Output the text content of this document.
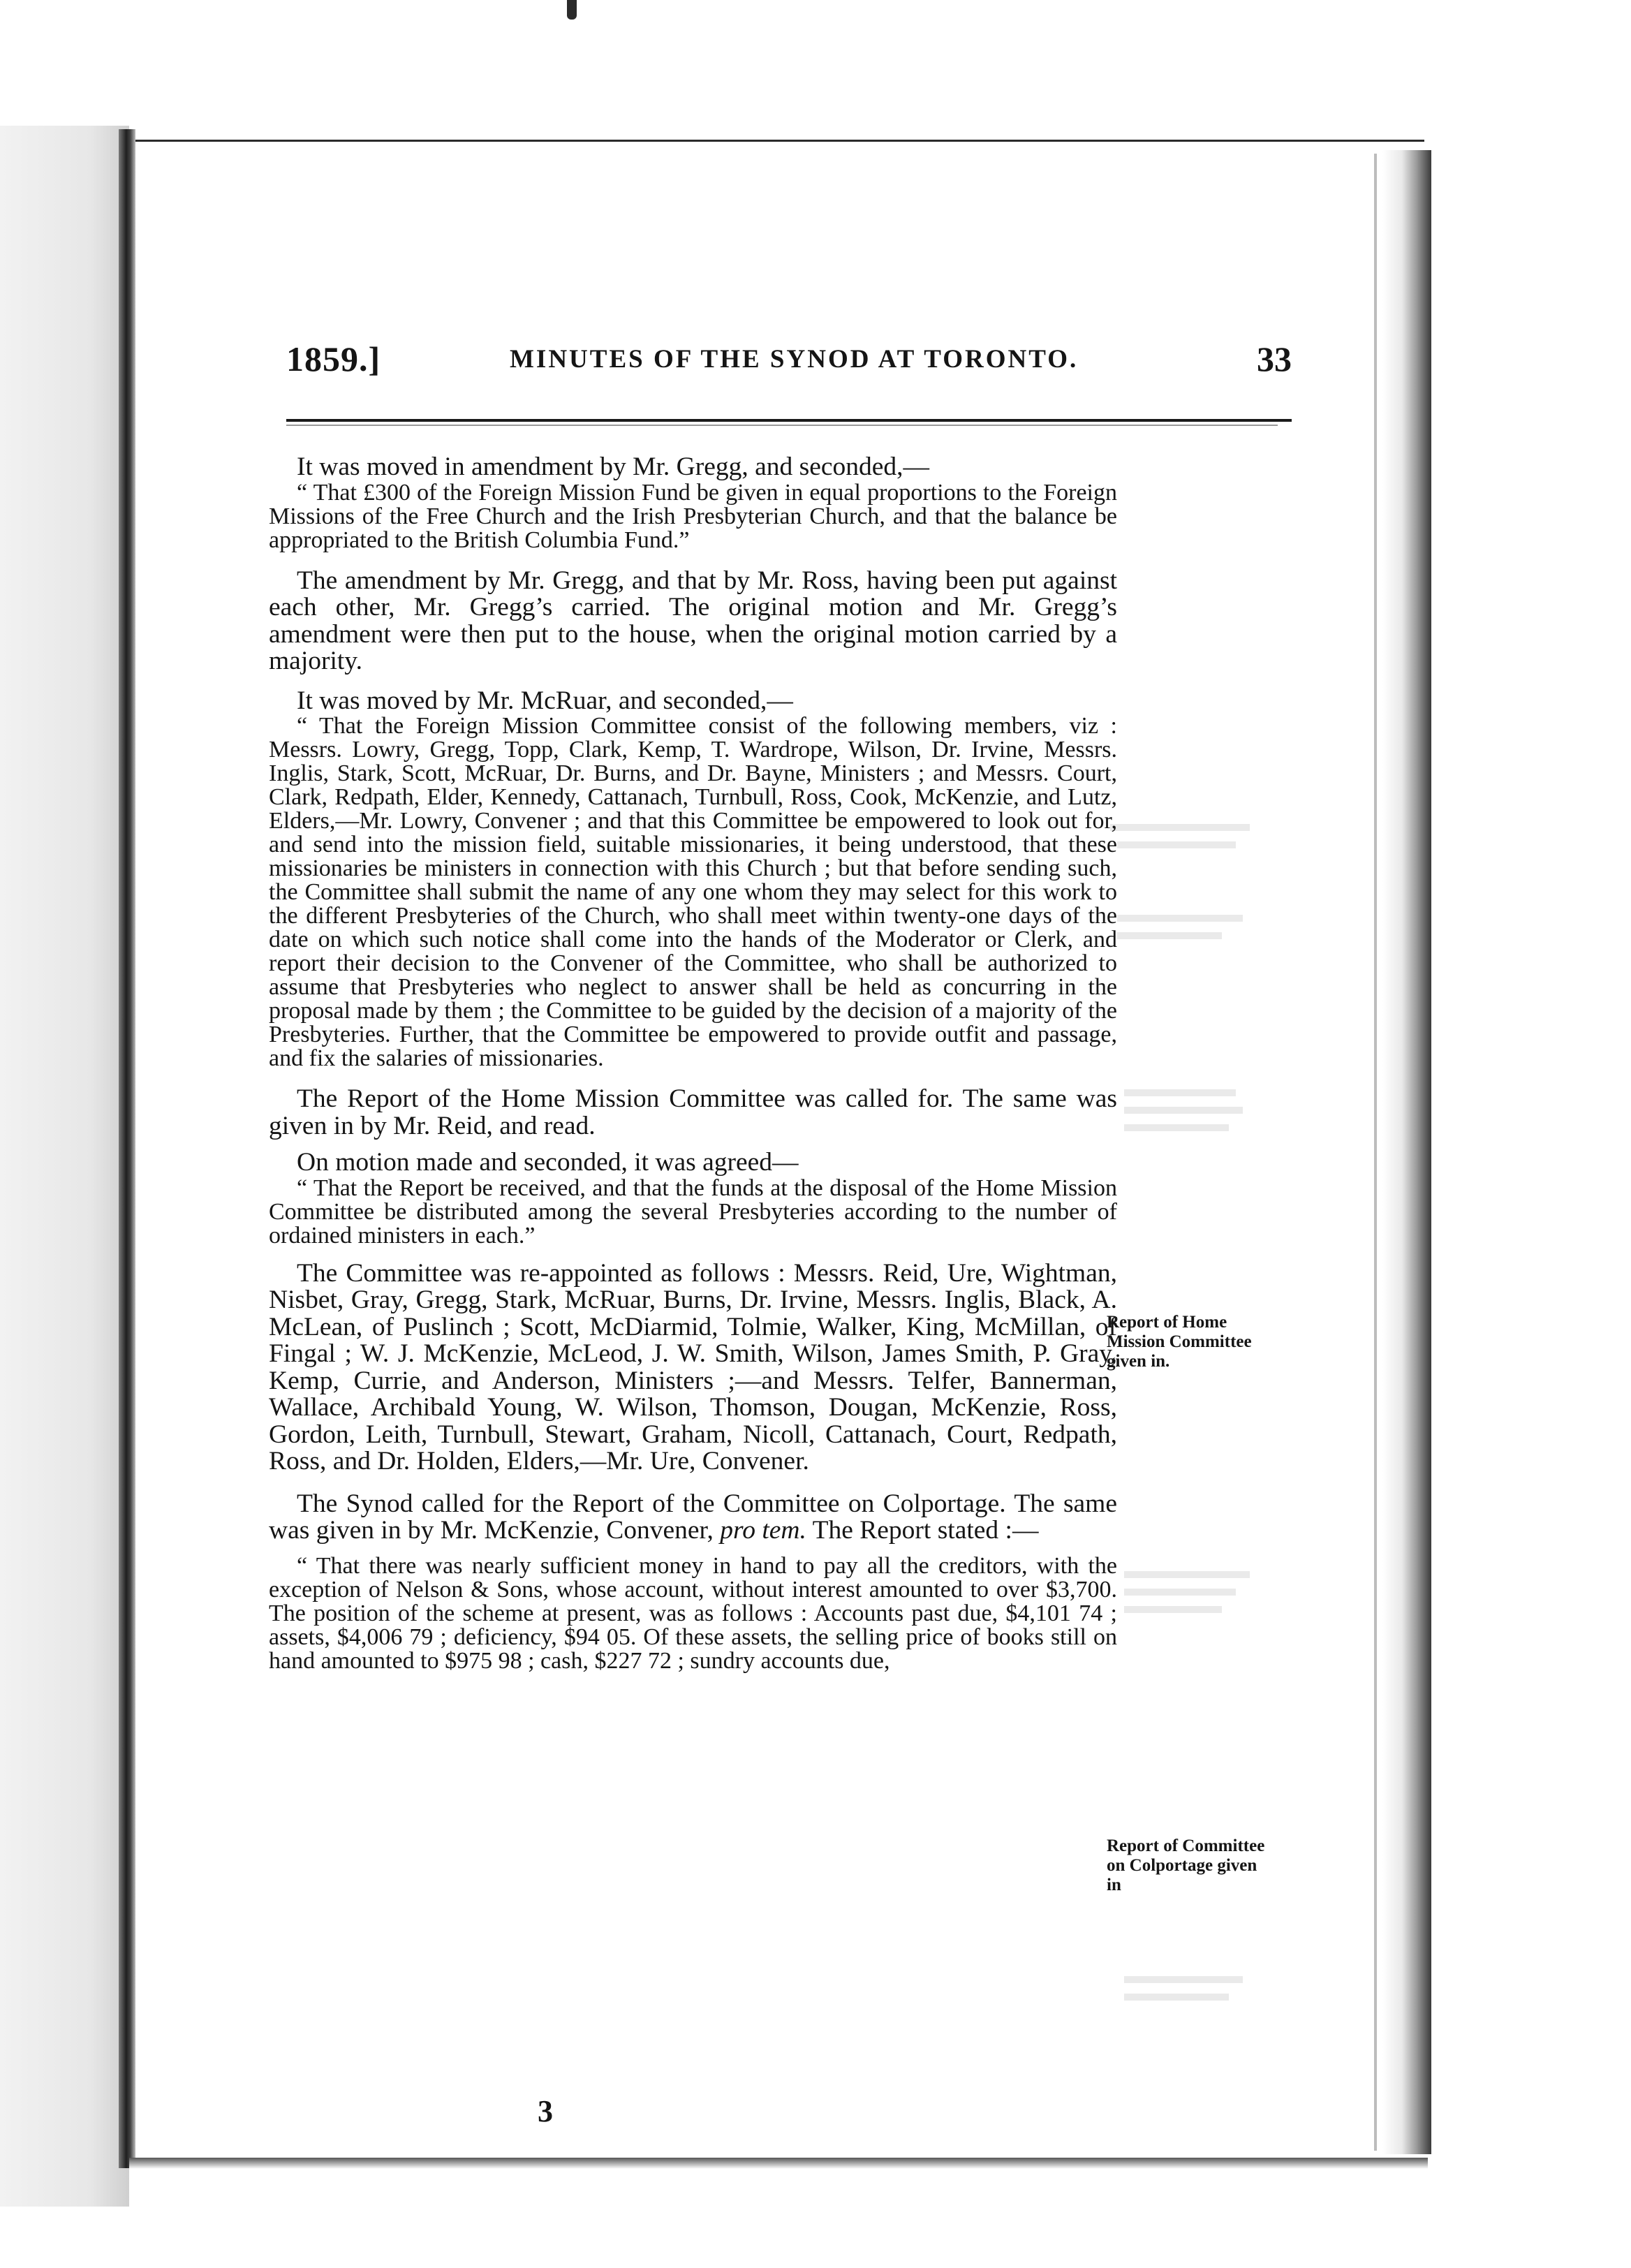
1859.]	MINUTES OF THE SYNOD AT TORONTO.	33

It was moved in amendment by Mr. Gregg, and seconded,—

“ That £300 of the Foreign Mission Fund be given in equal proportions to the Foreign Missions of the Free Church and the Irish Presbyterian Church, and that the balance be appropriated to the British Columbia Fund.”

The amendment by Mr. Gregg, and that by Mr. Ross, having been put against each other, Mr. Gregg’s carried. The original motion and Mr. Gregg’s amendment were then put to the house, when the original motion carried by a majority.

It was moved by Mr. McRuar, and seconded,—

“ That the Foreign Mission Committee consist of the following members, viz : Messrs. Lowry, Gregg, Topp, Clark, Kemp, T. Wardrope, Wilson, Dr. Irvine, Messrs. Inglis, Stark, Scott, McRuar, Dr. Burns, and Dr. Bayne, Ministers ; and Messrs. Court, Clark, Redpath, Elder, Kennedy, Cattanach, Turnbull, Ross, Cook, McKenzie, and Lutz, Elders,—Mr. Lowry, Convener ; and that this Committee be empowered to look out for, and send into the mission field, suitable missionaries, it being understood, that these missionaries be ministers in connection with this Church ; but that before sending such, the Committee shall submit the name of any one whom they may select for this work to the different Presbyteries of the Church, who shall meet within twenty-one days of the date on which such notice shall come into the hands of the Moderator or Clerk, and report their decision to the Convener of the Committee, who shall be authorized to assume that Presbyteries who neglect to answer shall be held as concurring in the proposal made by them ; the Committee to be guided by the decision of a majority of the Presbyteries. Further, that the Committee be empowered to provide outfit and passage, and fix the salaries of missionaries.

The Report of the Home Mission Committee was called for. The same was given in by Mr. Reid, and read.

On motion made and seconded, it was agreed—

“ That the Report be received, and that the funds at the disposal of the Home Mission Committee be distributed among the several Presbyteries according to the number of ordained ministers in each.”

The Committee was re-appointed as follows : Messrs. Reid, Ure, Wightman, Nisbet, Gray, Gregg, Stark, McRuar, Burns, Dr. Irvine, Messrs. Inglis, Black, A. McLean, of Puslinch ; Scott, McDiarmid, Tolmie, Walker, King, McMillan, of Fingal ; W. J. McKenzie, McLeod, J. W. Smith, Wilson, James Smith, P. Gray, Kemp, Currie, and Anderson, Ministers ;—and Messrs. Telfer, Bannerman, Wallace, Archibald Young, W. Wilson, Thomson, Dougan, McKenzie, Ross, Gordon, Leith, Turnbull, Stewart, Graham, Nicoll, Cattanach, Court, Redpath, Ross, and Dr. Holden, Elders,—Mr. Ure, Convener.

The Synod called for the Report of the Committee on Colportage. The same was given in by Mr. McKenzie, Convener, pro tem. The Report stated :—

“ That there was nearly sufficient money in hand to pay all the creditors, with the exception of Nelson & Sons, whose account, without interest amounted to over $3,700. The position of the scheme at present, was as follows : Accounts past due, $4,101 74 ; assets, $4,006 79 ; deficiency, $94 05. Of these assets, the selling price of books still on hand amounted to $975 98 ; cash, $227 72 ; sundry accounts due,

Report of Home Mission Committee given in.
Report of Committee on Colportage given in
3
